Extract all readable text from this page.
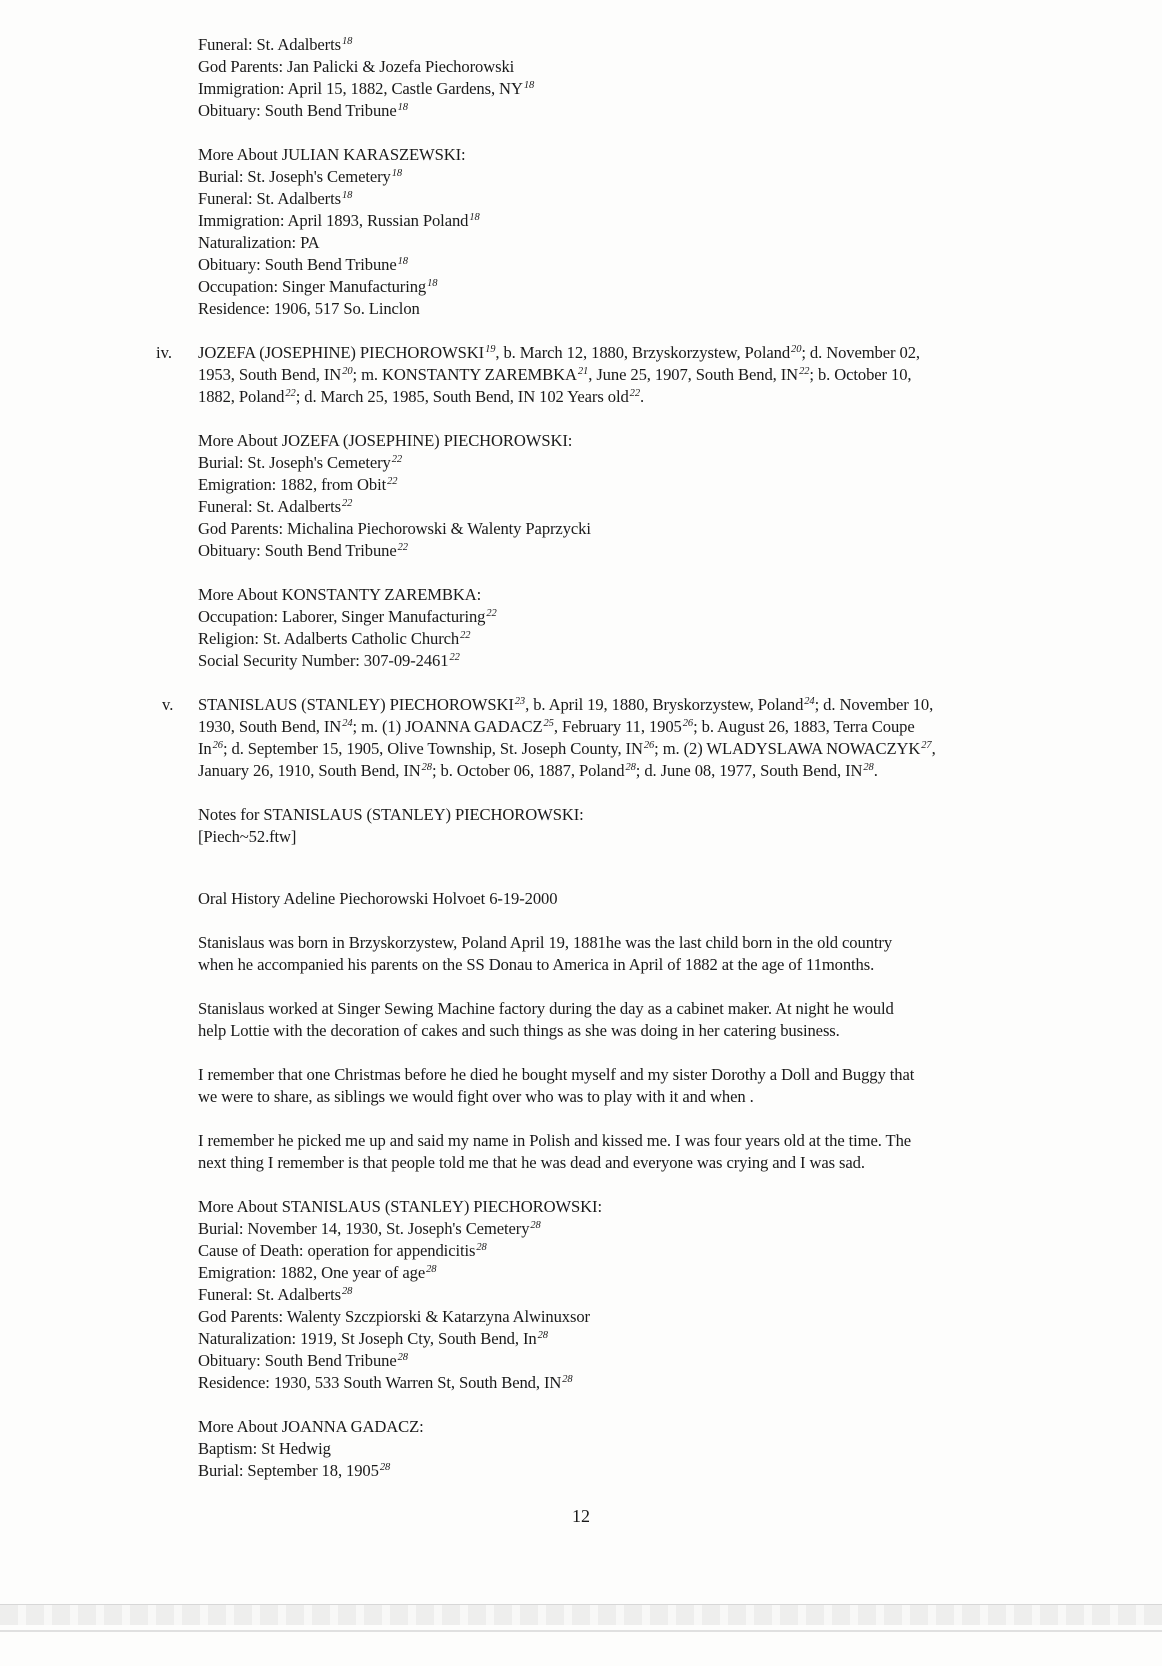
Funeral: St. Adalberts$^{18}$
God Parents: Jan Palicki & Jozefa Piechorowski
Immigration: April 15, 1882, Castle Gardens, NY$^{18}$
Obituary: South Bend Tribune$^{18}$
More About JULIAN KARASZEWSKI:
Burial: St. Joseph's Cemetery$^{18}$
Funeral: St. Adalberts$^{18}$
Immigration: April 1893, Russian Poland$^{18}$
Naturalization: PA
Obituary: South Bend Tribune$^{18}$
Occupation: Singer Manufacturing$^{18}$
Residence: 1906, 517 So. Linclon
JOZEFA (JOSEPHINE) PIECHOROWSKI$^{19}$, b. March 12, 1880, Brzyskorzystew, Poland$^{20}$; d. November 02,
1953, South Bend, IN$^{20}$; m. KONSTANTY ZAREMBKA$^{21}$, June 25, 1907, South Bend, IN$^{22}$; b. October 10,
1882, Poland$^{22}$; d. March 25, 1985, South Bend, IN 102 Years old$^{22}$.
More About JOZEFA (JOSEPHINE) PIECHOROWSKI:
Burial: St. Joseph's Cemetery$^{22}$
Emigration: 1882, from Obit$^{22}$
Funeral: St. Adalberts$^{22}$
God Parents: Michalina Piechorowski & Walenty Paprzycki
Obituary: South Bend Tribune$^{22}$
More About KONSTANTY ZAREMBKA:
Occupation: Laborer, Singer Manufacturing$^{22}$
Religion: St. Adalberts Catholic Church$^{22}$
Social Security Number: 307-09-2461$^{22}$
STANISLAUS (STANLEY) PIECHOROWSKI$^{23}$, b. April 19, 1880, Bryskorzystew, Poland$^{24}$; d. November 10,
1930, South Bend, IN$^{24}$; m. (1) JOANNA GADACZ$^{25}$, February 11, 1905$^{26}$; b. August 26, 1883, Terra Coupe
In$^{26}$; d. September 15, 1905, Olive Township, St. Joseph County, IN$^{26}$; m. (2) WLADYSLAWA NOWACZYK$^{27}$,
January 26, 1910, South Bend, IN$^{28}$; b. October 06, 1887, Poland$^{28}$; d. June 08, 1977, South Bend, IN$^{28}$.
Notes for STANISLAUS (STANLEY) PIECHOROWSKI:
[Piech~52.ftw]
Oral History Adeline Piechorowski Holvoet 6-19-2000
Stanislaus was born in Brzyskorzystew, Poland April 19, 1881he was the last child born in the old country
when he accompanied his parents on the SS Donau to America in April of 1882 at the age of 11months.
Stanislaus worked at Singer Sewing Machine factory during the day as a cabinet maker. At night he would
help Lottie with the decoration of cakes and such things as she was doing in her catering business.
I remember that one Christmas before he died he bought myself and my sister Dorothy a Doll and Buggy that
we were to share, as siblings we would fight over who was to play with it and when .
I remember he picked me up and said my name in Polish and kissed me. I was four years old at the time. The
next thing I remember is that people told me that he was dead and everyone was crying and I was sad.
More About STANISLAUS (STANLEY) PIECHOROWSKI:
Burial: November 14, 1930, St. Joseph's Cemetery$^{28}$
Cause of Death: operation for appendicitis$^{28}$
Emigration: 1882, One year of age$^{28}$
Funeral: St. Adalberts$^{28}$
God Parents: Walenty Szczpiorski & Katarzyna Alwinuxsor
Naturalization: 1919, St Joseph Cty, South Bend, In$^{28}$
Obituary: South Bend Tribune$^{28}$
Residence: 1930, 533 South Warren St, South Bend, IN$^{28}$
More About JOANNA GADACZ:
Baptism: St Hedwig
Burial: September 18, 1905$^{28}$
iv.
v.
12
